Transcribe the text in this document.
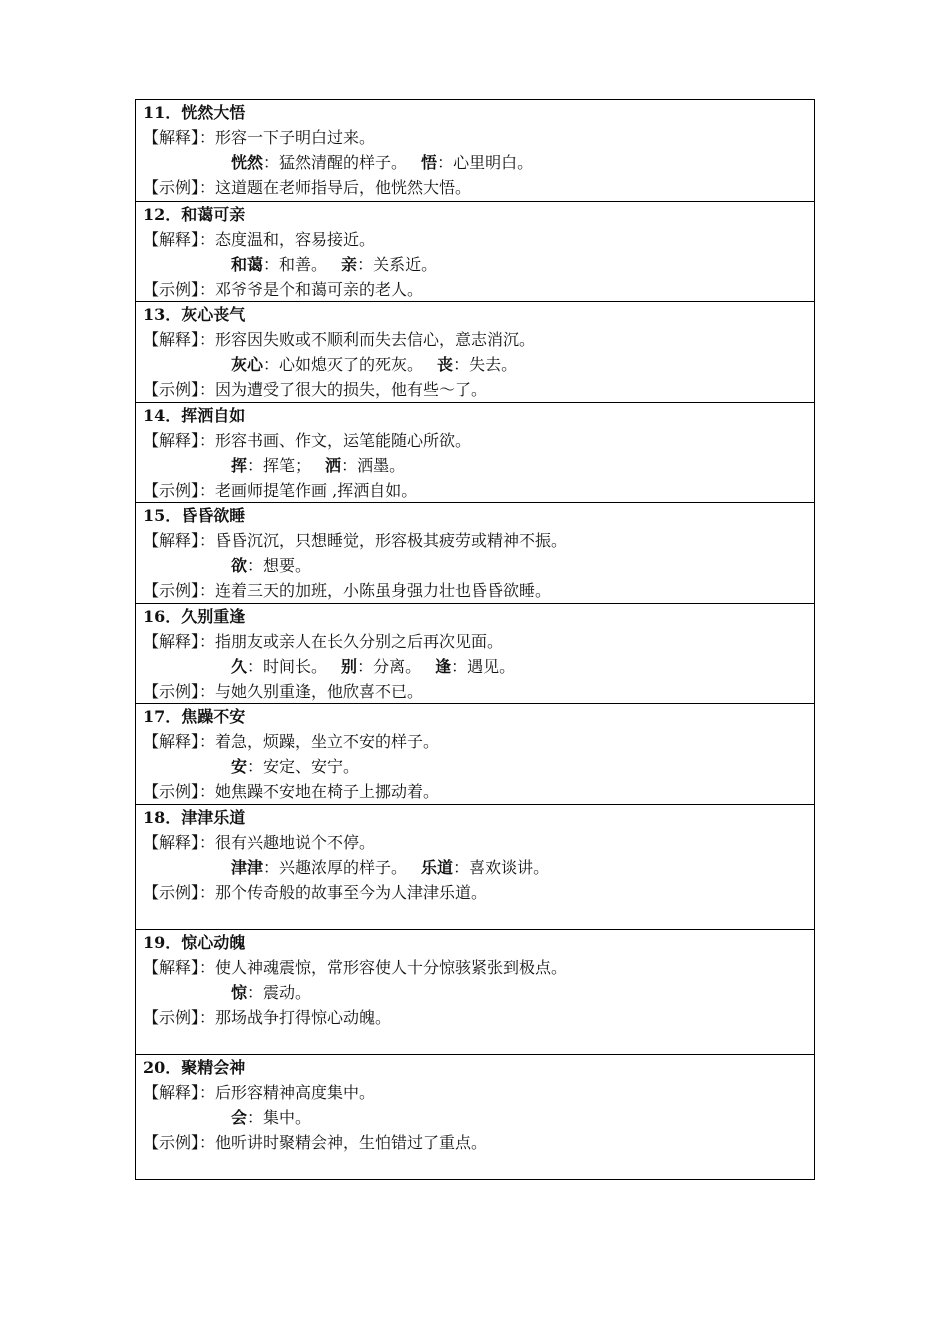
11．恍然大悟
【解释】：形容一下子明白过来。
恍然：猛然清醒的样子。 悟：心里明白。
【示例】：这道题在老师指导后，他恍然大悟。
12．和蔼可亲
【解释】：态度温和，容易接近。
和蔼：和善。 亲：关系近。
【示例】：邓爷爷是个和蔼可亲的老人。
13．灰心丧气
【解释】：形容因失败或不顺利而失去信心，意志消沉。
灰心：心如熄灭了的死灰。 丧：失去。
【示例】：因为遭受了很大的损失，他有些～了。
14．挥洒自如
【解释】：形容书画、作文，运笔能随心所欲。
挥：挥笔； 洒：洒墨。
【示例】：老画师提笔作画 ,挥洒自如。
15．昏昏欲睡
【解释】：昏昏沉沉，只想睡觉，形容极其疲劳或精神不振。
欲：想要。
【示例】：连着三天的加班，小陈虽身强力壮也昏昏欲睡。
16．久别重逢
【解释】：指朋友或亲人在长久分别之后再次见面。
久：时间长。 别：分离。 逢：遇见。
【示例】：与她久别重逢，他欣喜不已。
17．焦躁不安
【解释】：着急，烦躁，坐立不安的样子。
安：安定、安宁。
【示例】：她焦躁不安地在椅子上挪动着。
18．津津乐道
【解释】：很有兴趣地说个不停。
津津：兴趣浓厚的样子。 乐道：喜欢谈讲。
【示例】：那个传奇般的故事至今为人津津乐道。
19．惊心动魄
【解释】：使人神魂震惊，常形容使人十分惊骇紧张到极点。
惊：震动。
【示例】：那场战争打得惊心动魄。
20．聚精会神
【解释】：后形容精神高度集中。
会：集中。
【示例】：他听讲时聚精会神，生怕错过了重点。
